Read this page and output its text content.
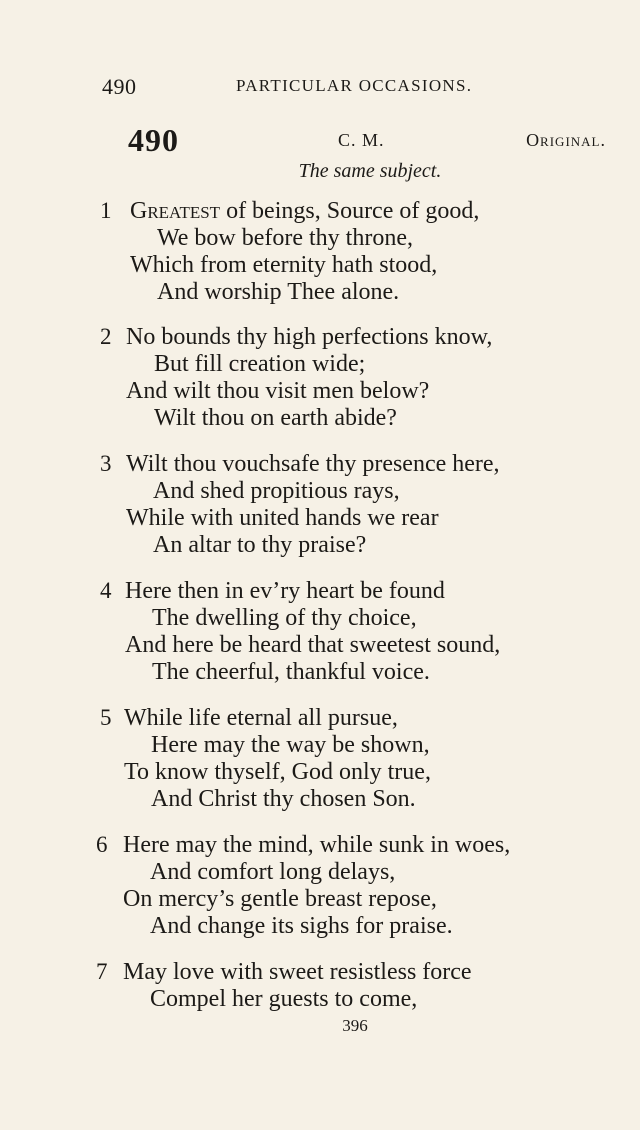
490	PARTICULAR OCCASIONS.
490	C. M.	Original.
The same subject.
1 Greatest of beings, Source of good,
We bow before thy throne,
Which from eternity hath stood,
And worship Thee alone.
2 No bounds thy high perfections know,
But fill creation wide;
And wilt thou visit men below?
Wilt thou on earth abide?
3 Wilt thou vouchsafe thy presence here,
And shed propitious rays,
While with united hands we rear
An altar to thy praise?
4 Here then in ev’ry heart be found
The dwelling of thy choice,
And here be heard that sweetest sound,
The cheerful, thankful voice.
5 While life eternal all pursue,
Here may the way be shown,
To know thyself, God only true,
And Christ thy chosen Son.
6 Here may the mind, while sunk in woes,
And comfort long delays,
On mercy’s gentle breast repose,
And change its sighs for praise.
7 May love with sweet resistless force
Compel her guests to come,
396
